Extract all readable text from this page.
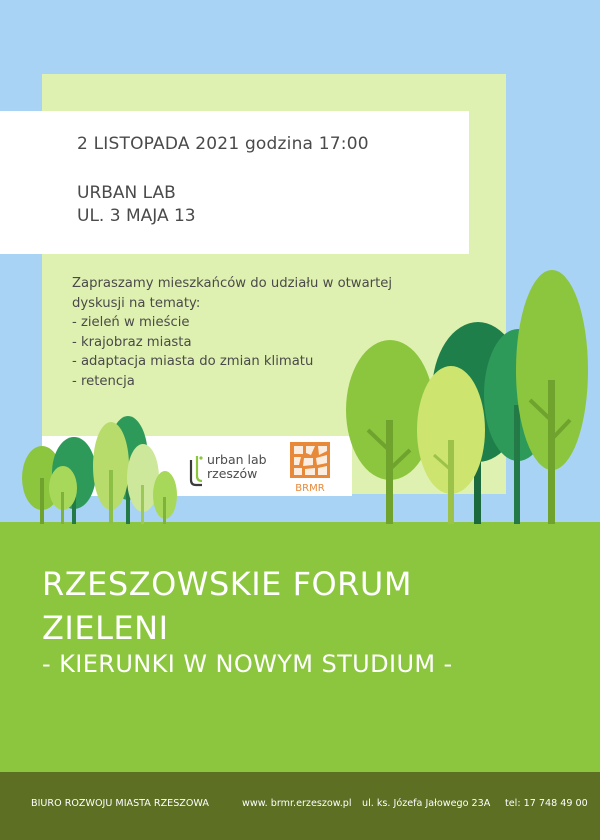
2 LISTOPADA 2021 godzina 17:00
URBAN LAB
UL. 3 MAJA 13
Zapraszamy mieszkańców do udziału w otwartej
dyskusji na tematy:
- zieleń w mieście
- krajobraz miasta
- adaptacja miasta do zmian klimatu
- retencja
urban lab
rzeszów
BRMR
RZESZOWSKIE FORUM
ZIELENI
- KIERUNKI W NOWYM STUDIUM -
BIURO ROZWOJU MIASTA RZESZOWA	www. brmr.erzeszow.pl ul. ks. Józefa Jałowego 23A tel: 17 748 49 00
